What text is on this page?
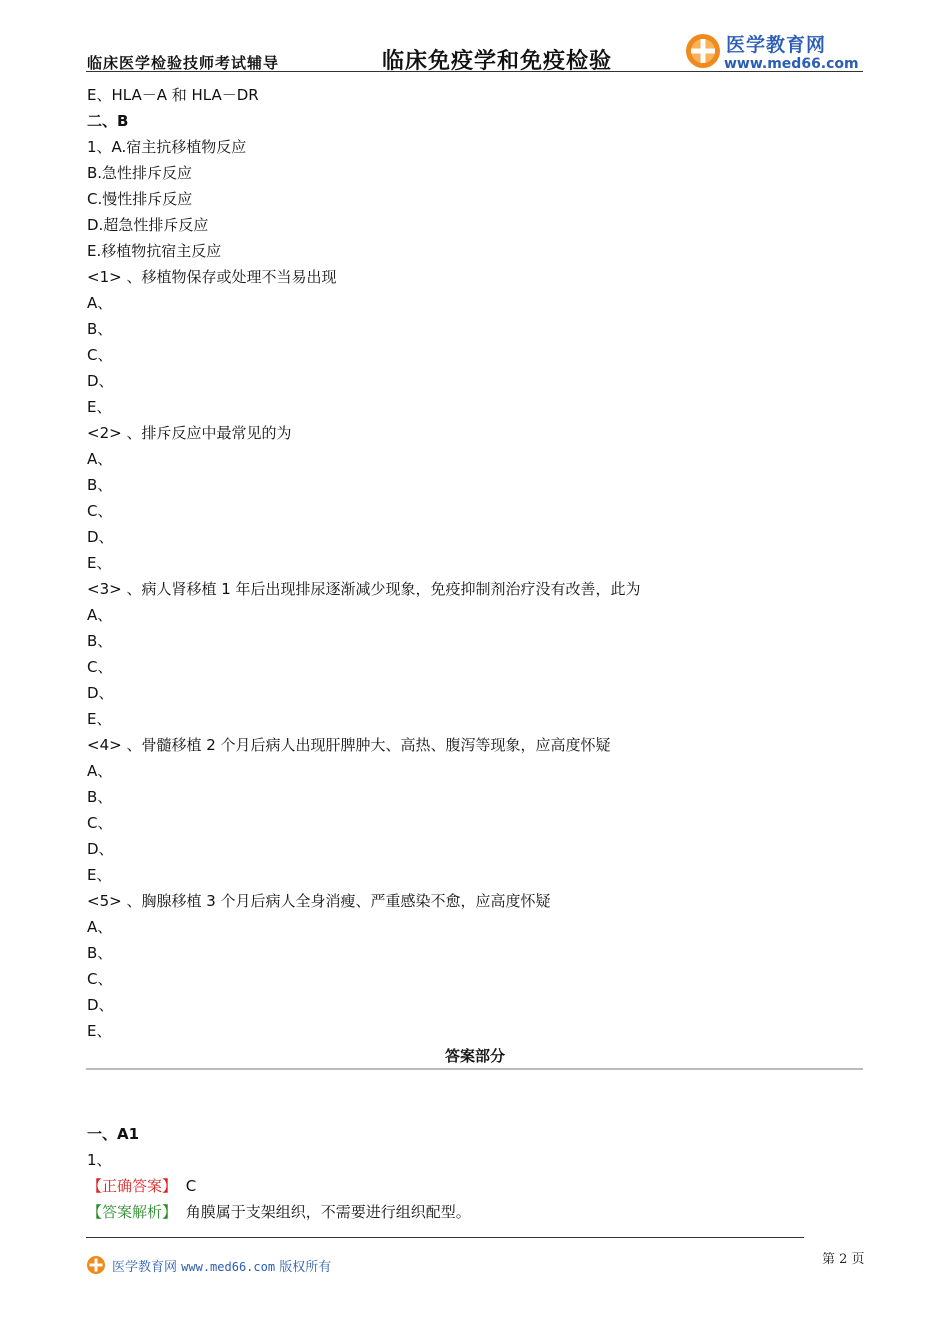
临床医学检验技师考试辅导	临床免疫学和免疫检验
医学教育网
www.med66.com
E、HLA－A 和 HLA－DR
二、B
1、A.宿主抗移植物反应
B.急性排斥反应
C.慢性排斥反应
D.超急性排斥反应
E.移植物抗宿主反应
<1> 、移植物保存或处理不当易出现
A、
B、
C、
D、
E、
<2> 、排斥反应中最常见的为
A、
B、
C、
D、
E、
<3> 、病人肾移植 1 年后出现排尿逐渐减少现象，免疫抑制剂治疗没有改善，此为
A、
B、
C、
D、
E、
<4> 、骨髓移植 2 个月后病人出现肝脾肿大、高热、腹泻等现象，应高度怀疑
A、
B、
C、
D、
E、
<5> 、胸腺移植 3 个月后病人全身消瘦、严重感染不愈，应高度怀疑
A、
B、
C、
D、
E、
答案部分
一、A1
1、
【正确答案】 C
【答案解析】 角膜属于支架组织，不需要进行组织配型。
医学教育网 www.med66.com 版权所有
第 2 页
